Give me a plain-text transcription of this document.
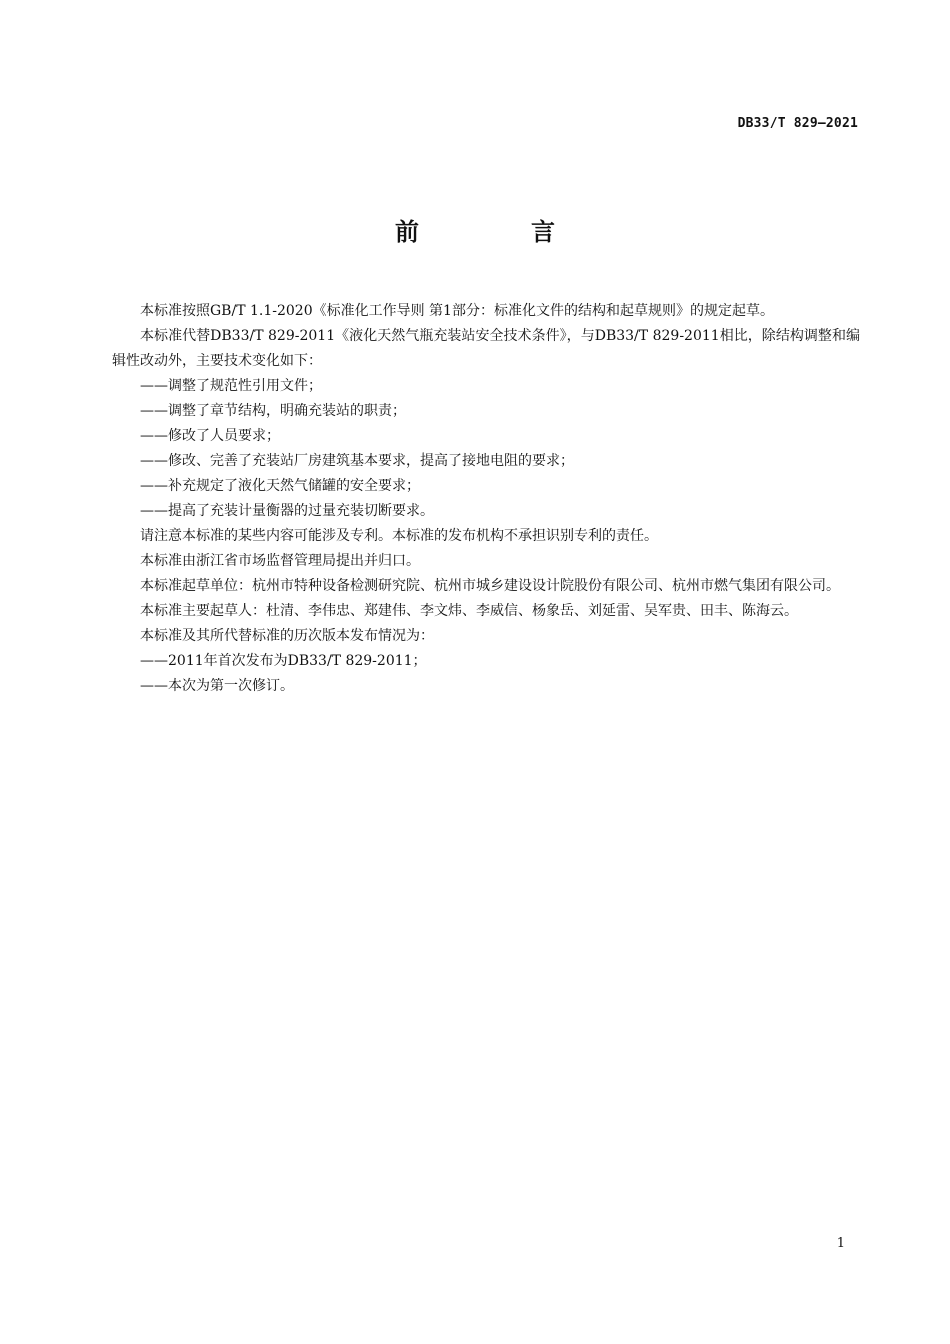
DB33/T 829—2021
前　言

本标准按照GB/T 1.1-2020《标准化工作导则 第1部分：标准化文件的结构和起草规则》的规定起草。

本标准代替DB33/T 829-2011《液化天然气瓶充装站安全技术条件》，与DB33/T 829-2011相比，除结构调整和编辑性改动外，主要技术变化如下：

——调整了规范性引用文件；

——调整了章节结构，明确充装站的职责；

——修改了人员要求；

——修改、完善了充装站厂房建筑基本要求，提高了接地电阻的要求；

——补充规定了液化天然气储罐的安全要求；

——提高了充装计量衡器的过量充装切断要求。

请注意本标准的某些内容可能涉及专利。本标准的发布机构不承担识别专利的责任。

本标准由浙江省市场监督管理局提出并归口。

本标准起草单位：杭州市特种设备检测研究院、杭州市城乡建设设计院股份有限公司、杭州市燃气集团有限公司。

本标准主要起草人：杜清、李伟忠、郑建伟、李文炜、李威信、杨象岳、刘延雷、吴军贵、田丰、陈海云。

本标准及其所代替标准的历次版本发布情况为：

——2011年首次发布为DB33/T 829-2011；

——本次为第一次修订。

1
